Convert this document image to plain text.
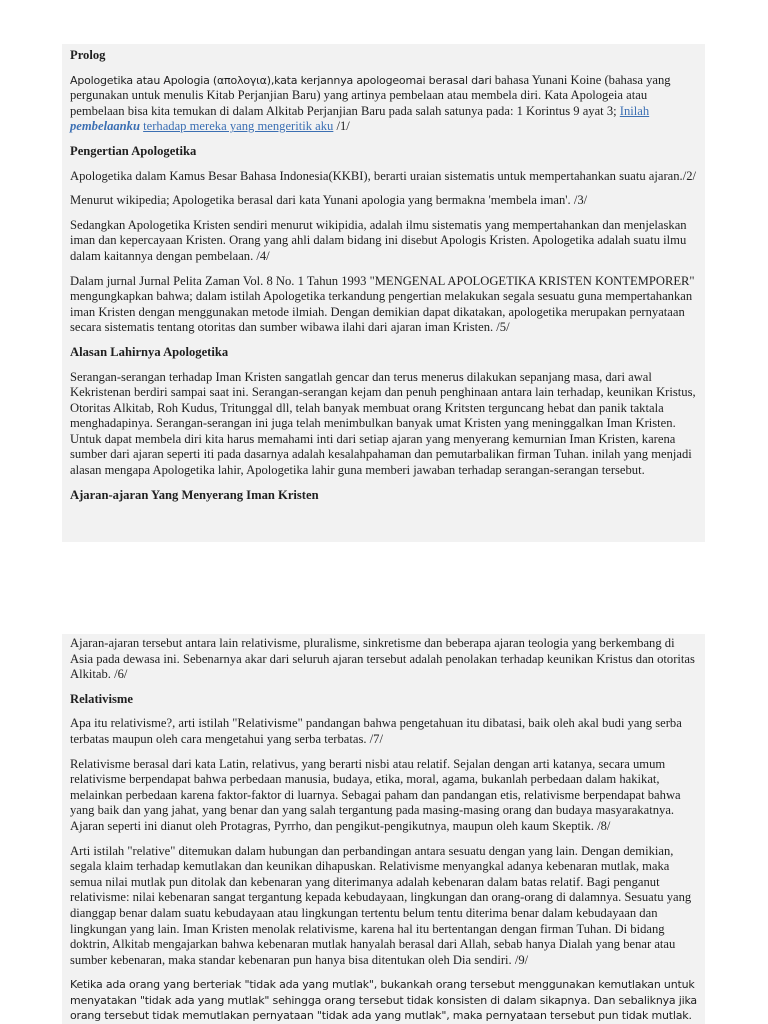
Prolog
Apologetika atau Apologia (απολογια),kata kerjannya apologeomai berasal dari bahasa Yunani Koine (bahasa yang pergunakan untuk menulis Kitab Perjanjian Baru) yang artinya pembelaan atau membela diri. Kata Apologeia atau pembelaan bisa kita temukan di dalam Alkitab Perjanjian Baru pada salah satunya pada: 1 Korintus 9 ayat 3; Inilah pembelaanku terhadap mereka yang mengeritik aku /1/
Pengertian Apologetika
Apologetika dalam Kamus Besar Bahasa Indonesia(KKBI), berarti uraian sistematis untuk mempertahankan suatu ajaran./2/
Menurut wikipedia; Apologetika berasal dari kata Yunani apologia yang bermakna 'membela iman'. /3/
Sedangkan Apologetika Kristen sendiri menurut wikipidia, adalah ilmu sistematis yang mempertahankan dan menjelaskan iman dan kepercayaan Kristen. Orang yang ahli dalam bidang ini disebut Apologis Kristen. Apologetika adalah suatu ilmu dalam kaitannya dengan pembelaan. /4/
Dalam jurnal Jurnal Pelita Zaman Vol. 8 No. 1 Tahun 1993 "MENGENAL APOLOGETIKA KRISTEN KONTEMPORER" mengungkapkan bahwa; dalam istilah Apologetika terkandung pengertian melakukan segala sesuatu guna mempertahankan iman Kristen dengan menggunakan metode ilmiah. Dengan demikian dapat dikatakan, apologetika merupakan pernyataan secara sistematis tentang otoritas dan sumber wibawa ilahi dari ajaran iman Kristen. /5/
Alasan Lahirnya Apologetika
Serangan-serangan terhadap Iman Kristen sangatlah gencar dan terus menerus dilakukan sepanjang masa, dari awal Kekristenan berdiri sampai saat ini. Serangan-serangan kejam dan penuh penghinaan antara lain terhadap, keunikan Kristus, Otoritas Alkitab, Roh Kudus, Tritunggal dll, telah banyak membuat orang Kritsten terguncang hebat dan panik taktala menghadapinya. Serangan-serangan ini juga telah menimbulkan banyak umat Kristen yang meninggalkan Iman Kristen. Untuk dapat membela diri kita harus memahami inti dari setiap ajaran yang menyerang kemurnian Iman Kristen, karena sumber dari ajaran seperti iti pada dasarnya adalah kesalahpahaman dan pemutarbalikan firman Tuhan. inilah yang menjadi alasan mengapa Apologetika lahir, Apologetika lahir guna memberi jawaban terhadap serangan-serangan tersebut.
Ajaran-ajaran Yang Menyerang Iman Kristen
Ajaran-ajaran tersebut antara lain relativisme, pluralisme, sinkretisme dan beberapa ajaran teologia yang berkembang di Asia pada dewasa ini. Sebenarnya akar dari seluruh ajaran tersebut adalah penolakan terhadap keunikan Kristus dan otoritas Alkitab. /6/
Relativisme
Apa itu relativisme?, arti istilah "Relativisme" pandangan bahwa pengetahuan itu dibatasi, baik oleh akal budi yang serba terbatas maupun oleh cara mengetahui yang serba terbatas. /7/
Relativisme berasal dari kata Latin, relativus, yang berarti nisbi atau relatif. Sejalan dengan arti katanya, secara umum relativisme berpendapat bahwa perbedaan manusia, budaya, etika, moral, agama, bukanlah perbedaan dalam hakikat, melainkan perbedaan karena faktor-faktor di luarnya. Sebagai paham dan pandangan etis, relativisme berpendapat bahwa yang baik dan yang jahat, yang benar dan yang salah tergantung pada masing-masing orang dan budaya masyarakatnya. Ajaran seperti ini dianut oleh Protagras, Pyrrho, dan pengikut-pengikutnya, maupun oleh kaum Skeptik. /8/
Arti istilah "relative" ditemukan dalam hubungan dan perbandingan antara sesuatu dengan yang lain. Dengan demikian, segala klaim terhadap kemutlakan dan keunikan dihapuskan. Relativisme menyangkal adanya kebenaran mutlak, maka semua nilai mutlak pun ditolak dan kebenaran yang diterimanya adalah kebenaran dalam batas relatif. Bagi penganut relativisme: nilai kebenaran sangat tergantung kepada kebudayaan, lingkungan dan orang-orang di dalamnya. Sesuatu yang dianggap benar dalam suatu kebudayaan atau lingkungan tertentu belum tentu diterima benar dalam kebudayaan dan lingkungan yang lain. Iman Kristen menolak relativisme, karena hal itu bertentangan dengan firman Tuhan. Di bidang doktrin, Alkitab mengajarkan bahwa kebenaran mutlak hanyalah berasal dari Allah, sebab hanya Dialah yang benar atau sumber kebenaran, maka standar kebenaran pun hanya bisa ditentukan oleh Dia sendiri. /9/
Ketika ada orang yang berteriak "tidak ada yang mutlak", bukankah orang tersebut menggunakan kemutlakan untuk menyatakan "tidak ada yang mutlak" sehingga orang tersebut tidak konsisten di dalam sikapnya. Dan sebaliknya jika orang tersebut tidak memutlakan pernyataan "tidak ada yang mutlak", maka pernyataan tersebut pun tidak mutlak.
